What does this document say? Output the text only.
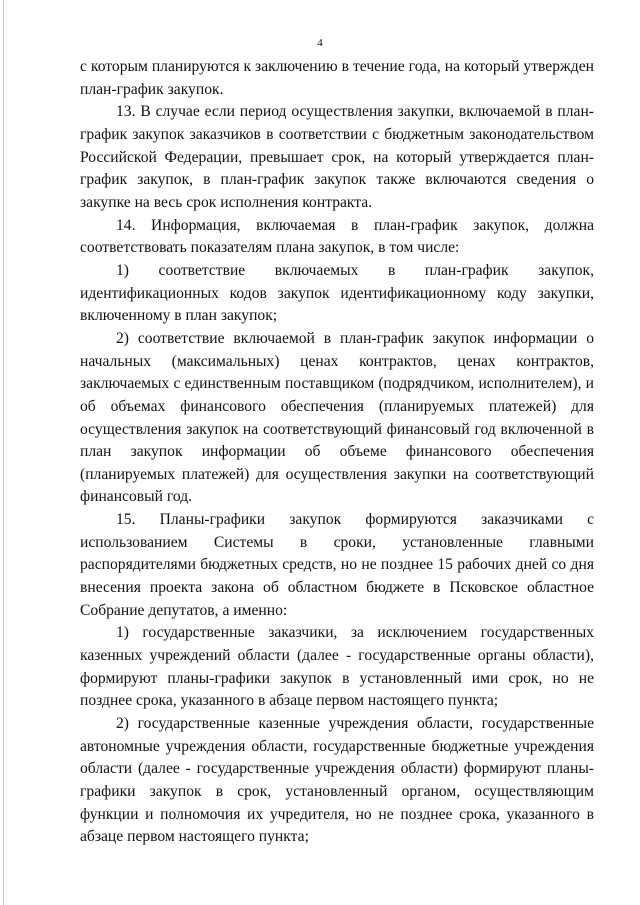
4

с которым планируются к заключению в течение года, на который утвержден план-график закупок.

13. В случае если период осуществления закупки, включаемой в план-график закупок заказчиков в соответствии с бюджетным законодательством Российской Федерации, превышает срок, на который утверждается план-график закупок, в план-график закупок также включаются сведения о закупке на весь срок исполнения контракта.

14. Информация, включаемая в план-график закупок, должна соответствовать показателям плана закупок, в том числе:

1) соответствие включаемых в план-график закупок, идентификационных кодов закупок идентификационному коду закупки, включенному в план закупок;

2) соответствие включаемой в план-график закупок информации о начальных (максимальных) ценах контрактов, ценах контрактов, заключаемых с единственным поставщиком (подрядчиком, исполнителем), и об объемах финансового обеспечения (планируемых платежей) для осуществления закупок на соответствующий финансовый год включенной в план закупок информации об объеме финансового обеспечения (планируемых платежей) для осуществления закупки на соответствующий финансовый год.

15. Планы-графики закупок формируются заказчиками с использованием Системы в сроки, установленные главными распорядителями бюджетных средств, но не позднее 15 рабочих дней со дня внесения проекта закона об областном бюджете в Псковское областное Собрание депутатов, а именно:

1) государственные заказчики, за исключением государственных казенных учреждений области (далее - государственные органы области), формируют планы-графики закупок в установленный ими срок, но не позднее срока, указанного в абзаце первом настоящего пункта;

2) государственные казенные учреждения области, государственные автономные учреждения области, государственные бюджетные учреждения области (далее - государственные учреждения области) формируют планы-графики закупок в срок, установленный органом, осуществляющим функции и полномочия их учредителя, но не позднее срока, указанного в абзаце первом настоящего пункта;
